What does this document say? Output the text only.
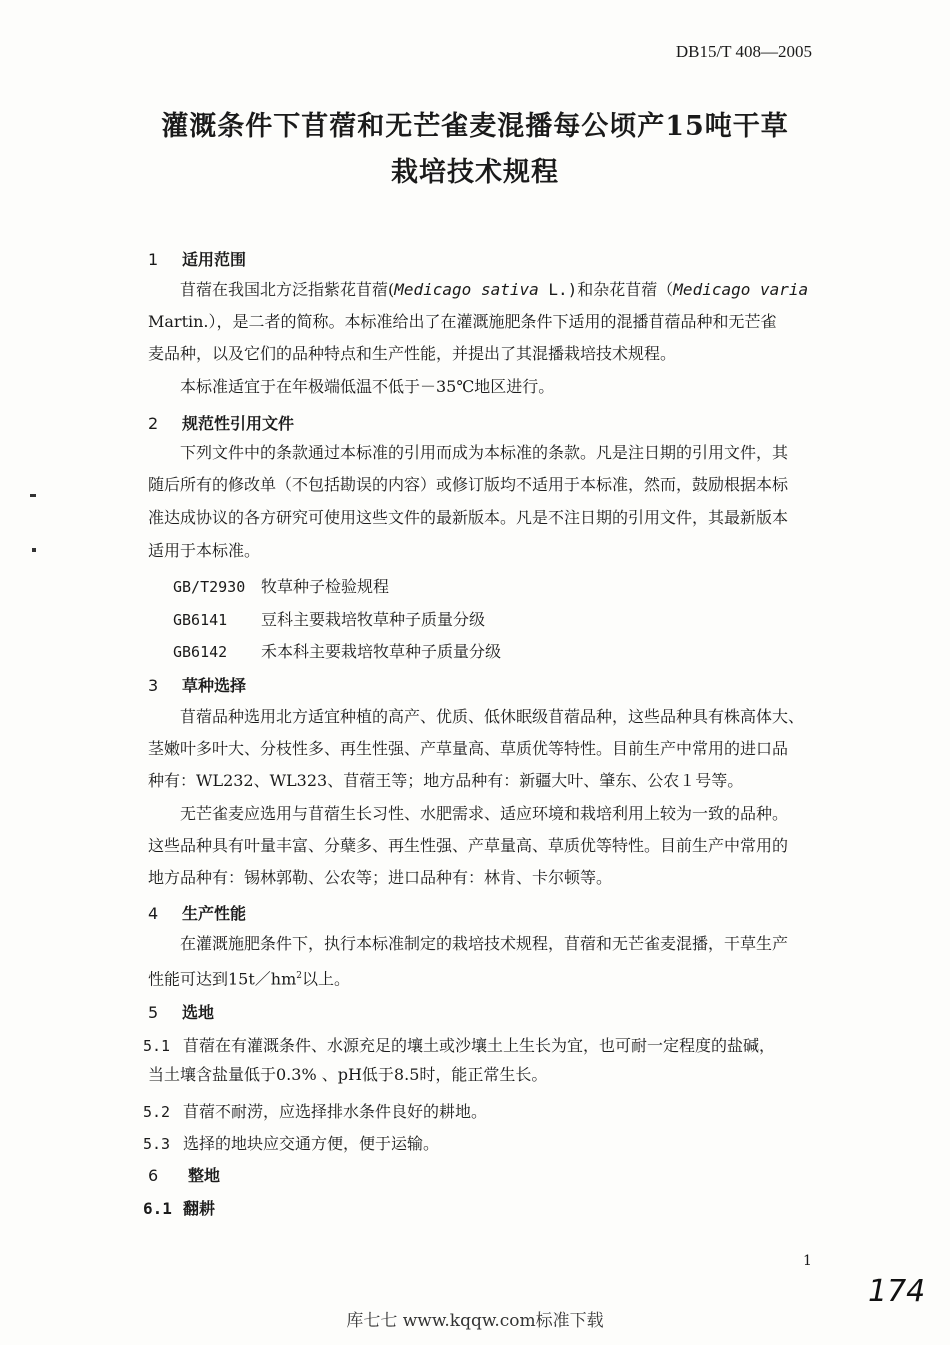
DB15/T 408—2005
灌溉条件下苜蓿和无芒雀麦混播每公顷产15吨干草
栽培技术规程
1 适用范围
苜蓿在我国北方泛指紫花苜蓿(Medicago sativa L.)和杂花苜蓿（Medicago varia
Martin.），是二者的简称。本标准给出了在灌溉施肥条件下适用的混播苜蓿品种和无芒雀
麦品种，以及它们的品种特点和生产性能，并提出了其混播栽培技术规程。
本标准适宜于在年极端低温不低于－35℃地区进行。
2 规范性引用文件
下列文件中的条款通过本标准的引用而成为本标准的条款。凡是注日期的引用文件，其
随后所有的修改单（不包括勘误的内容）或修订版均不适用于本标准，然而，鼓励根据本标
准达成协议的各方研究可使用这些文件的最新版本。凡是不注日期的引用文件，其最新版本
适用于本标准。
GB/T2930 牧草种子检验规程
GB6141 豆科主要栽培牧草种子质量分级
GB6142 禾本科主要栽培牧草种子质量分级
3 草种选择
苜蓿品种选用北方适宜种植的高产、优质、低休眠级苜蓿品种，这些品种具有株高体大、
茎嫩叶多叶大、分枝性多、再生性强、产草量高、草质优等特性。目前生产中常用的进口品
种有：WL232、WL323、苜蓿王等；地方品种有：新疆大叶、肇东、公农１号等。
无芒雀麦应选用与苜蓿生长习性、水肥需求、适应环境和栽培利用上较为一致的品种。
这些品种具有叶量丰富、分蘖多、再生性强、产草量高、草质优等特性。目前生产中常用的
地方品种有：锡林郭勒、公农等；进口品种有：林肯、卡尔顿等。
4 生产性能
在灌溉施肥条件下，执行本标准制定的栽培技术规程，苜蓿和无芒雀麦混播，干草生产
性能可达到$15t/hm^2$以上。
5 选地
5.1 苜蓿在有灌溉条件、水源充足的壤土或沙壤土上生长为宜，也可耐一定程度的盐碱，
当土壤含盐量低于0.3% 、pH低于8.5时，能正常生长。
5.2 苜蓿不耐涝，应选择排水条件良好的耕地。
5.3 选择的地块应交通方便，便于运输。
6 整地
6.1 翻耕
1
174
库七七 www.kqqw.com标准下载
